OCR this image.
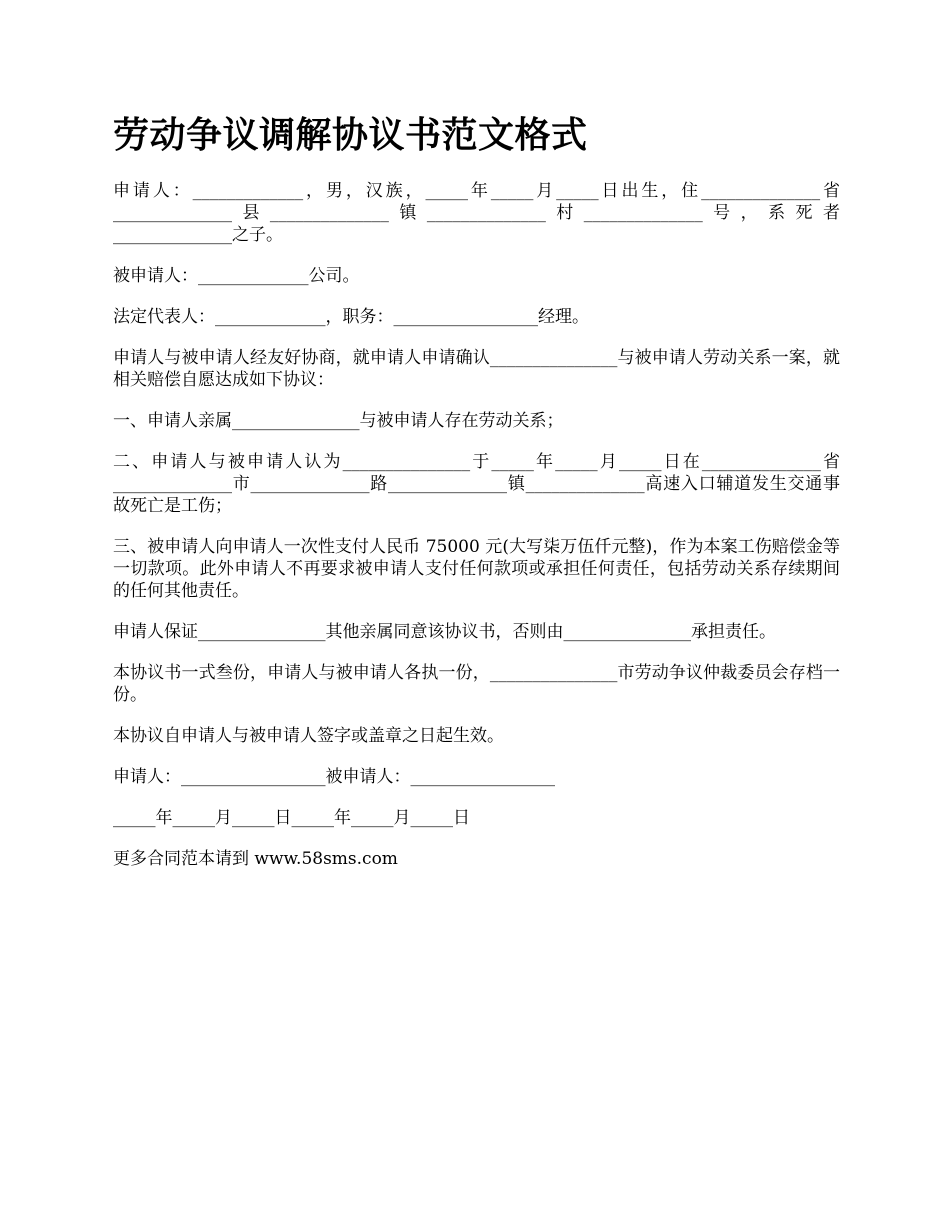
劳动争议调解协议书范文格式

申请人：_____________，男，汉族，_____年_____月_____日出生，住______________省______________县______________镇______________村______________号，系死者______________之子。

被申请人：_____________公司。

法定代表人：_____________，职务：_________________经理。

申请人与被申请人经友好协商，就申请人申请确认_______________与被申请人劳动关系一案，就相关赔偿自愿达成如下协议：

一、申请人亲属_______________与被申请人存在劳动关系；

二、申请人与被申请人认为_______________于_____年_____月_____日在______________省______________市______________路______________镇______________高速入口辅道发生交通事故死亡是工伤；

三、被申请人向申请人一次性支付人民币 75000 元(大写柒万伍仟元整)，作为本案工伤赔偿金等一切款项。此外申请人不再要求被申请人支付任何款项或承担任何责任，包括劳动关系存续期间的任何其他责任。

申请人保证_______________其他亲属同意该协议书，否则由_______________承担责任。

本协议书一式叁份，申请人与被申请人各执一份，_______________市劳动争议仲裁委员会存档一份。

本协议自申请人与被申请人签字或盖章之日起生效。

申请人：_________________被申请人：_________________

_____年_____月_____日_____年_____月_____日

更多合同范本请到 www.58sms.com
